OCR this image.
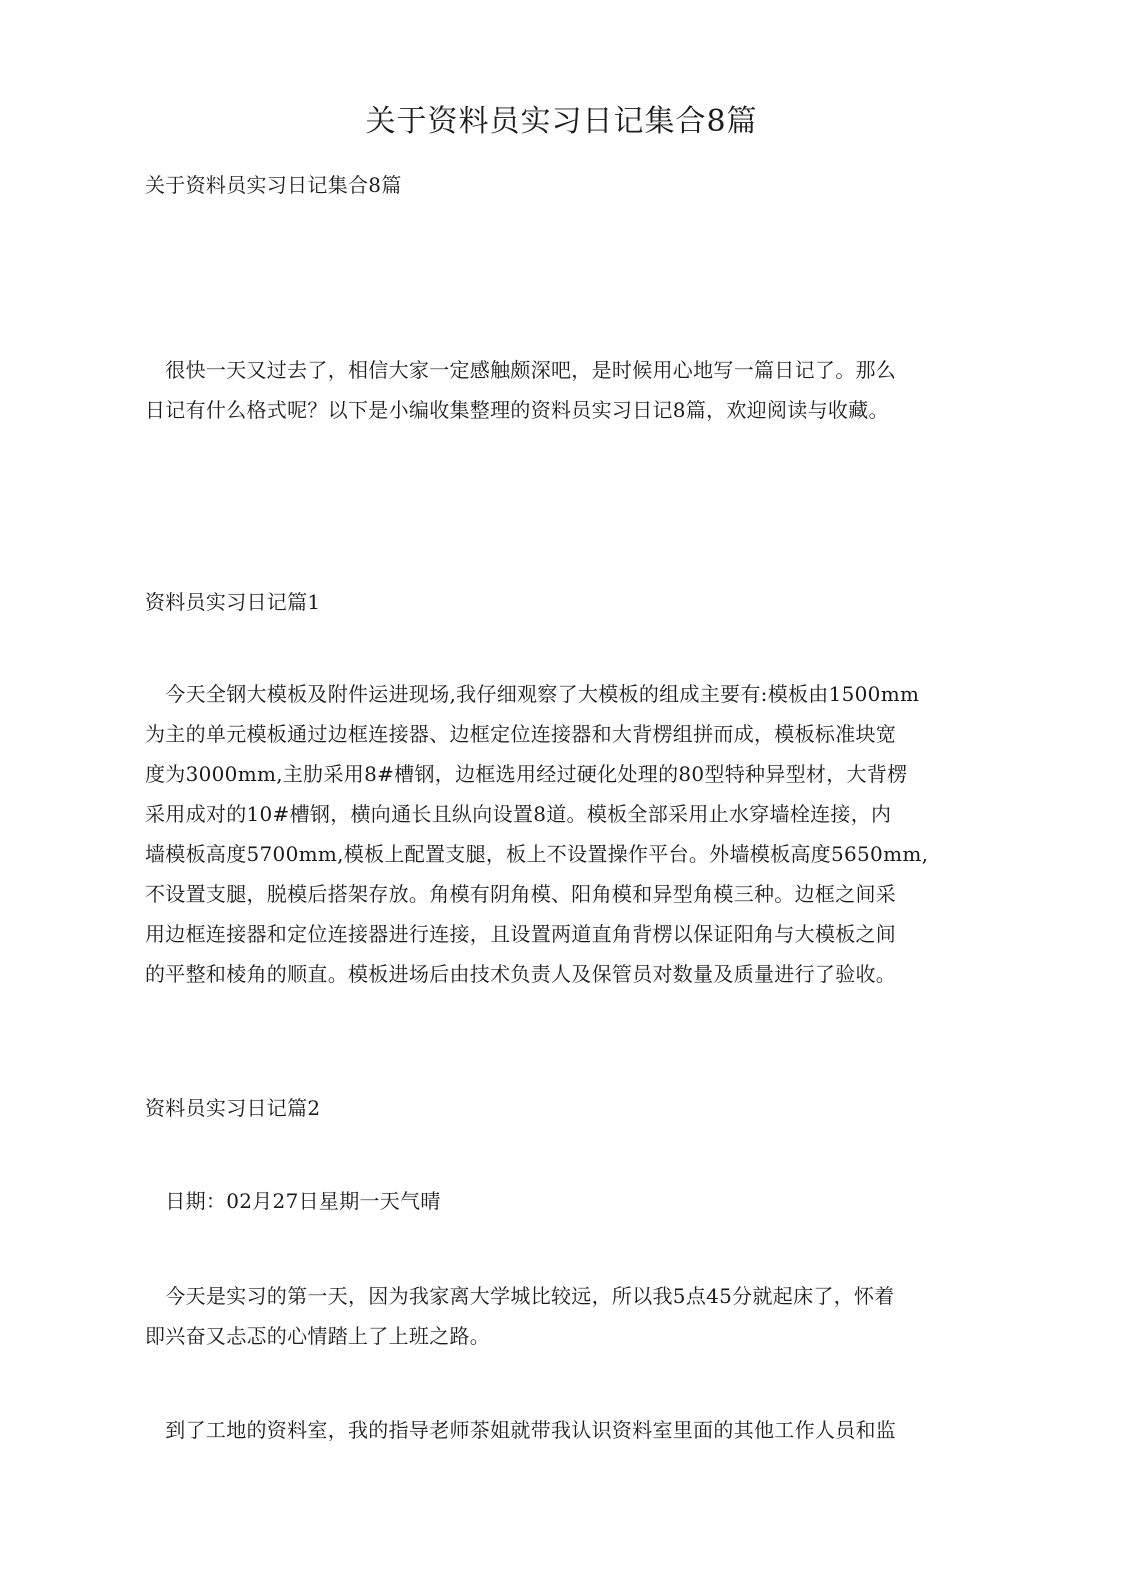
关于资料员实习日记集合8篇

关于资料员实习日记集合8篇

　很快一天又过去了，相信大家一定感触颇深吧，是时候用心地写一篇日记了。那么
日记有什么格式呢？以下是小编收集整理的资料员实习日记8篇，欢迎阅读与收藏。

资料员实习日记篇1

　今天全钢大模板及附件运进现场,我仔细观察了大模板的组成主要有:模板由1500mm
为主的单元模板通过边框连接器、边框定位连接器和大背楞组拼而成，模板标准块宽
度为3000mm,主肋采用8#槽钢，边框选用经过硬化处理的80型特种异型材，大背楞
采用成对的10#槽钢，横向通长且纵向设置8道。模板全部采用止水穿墙栓连接，内
墙模板高度5700mm,模板上配置支腿，板上不设置操作平台。外墙模板高度5650mm,
不设置支腿，脱模后搭架存放。角模有阴角模、阳角模和异型角模三种。边框之间采
用边框连接器和定位连接器进行连接，且设置两道直角背楞以保证阳角与大模板之间
的平整和棱角的顺直。模板进场后由技术负责人及保管员对数量及质量进行了验收。

资料员实习日记篇2

　日期：02月27日星期一天气晴

　今天是实习的第一天，因为我家离大学城比较远，所以我5点45分就起床了，怀着
即兴奋又忐忑的心情踏上了上班之路。
　到了工地的资料室，我的指导老师茶姐就带我认识资料室里面的其他工作人员和监
